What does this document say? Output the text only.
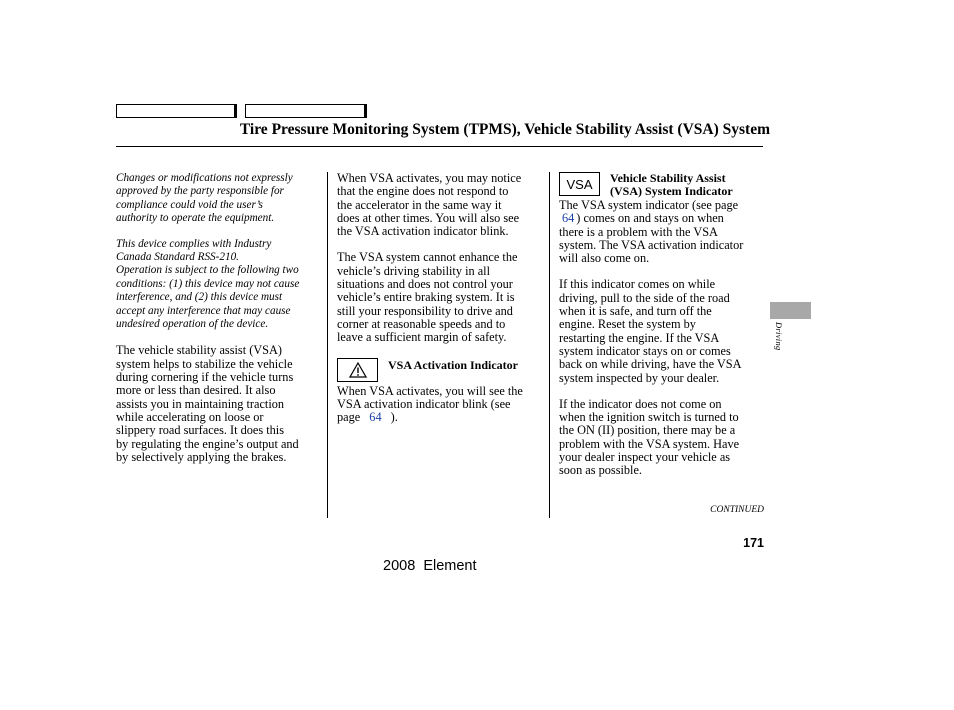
Tire Pressure Monitoring System (TPMS), Vehicle Stability Assist (VSA) System
Changes or modifications not expressly
approved by the party responsible for
compliance could void the user’s
authority to operate the equipment.
This device complies with Industry
Canada Standard RSS-210.
Operation is subject to the following two
conditions: (1) this device may not cause
interference, and (2) this device must
accept any interference that may cause
undesired operation of the device.
The vehicle stability assist (VSA)
system helps to stabilize the vehicle
during cornering if the vehicle turns
more or less than desired. It also
assists you in maintaining traction
while accelerating on loose or
slippery road surfaces. It does this
by regulating the engine’s output and
by selectively applying the brakes.
When VSA activates, you may notice
that the engine does not respond to
the accelerator in the same way it
does at other times. You will also see
the VSA activation indicator blink.
The VSA system cannot enhance the
vehicle’s driving stability in all
situations and does not control your
vehicle’s entire braking system. It is
still your responsibility to drive and
corner at reasonable speeds and to
leave a sufficient margin of safety.
When VSA activates, you will see the
VSA activation indicator blink (see
page 64 ).
VSA Activation Indicator
VSA	Vehicle Stability Assist
(VSA) System Indicator
The VSA system indicator (see page
64 ) comes on and stays on when
there is a problem with the VSA
system. The VSA activation indicator
will also come on.
If this indicator comes on while
driving, pull to the side of the road
when it is safe, and turn off the
engine. Reset the system by
restarting the engine. If the VSA
system indicator stays on or comes
back on while driving, have the VSA
system inspected by your dealer.
If the indicator does not come on
when the ignition switch is turned to
the ON (II) position, there may be a
problem with the VSA system. Have
your dealer inspect your vehicle as
soon as possible.
Driving
CONTINUED
171
2008  Element
